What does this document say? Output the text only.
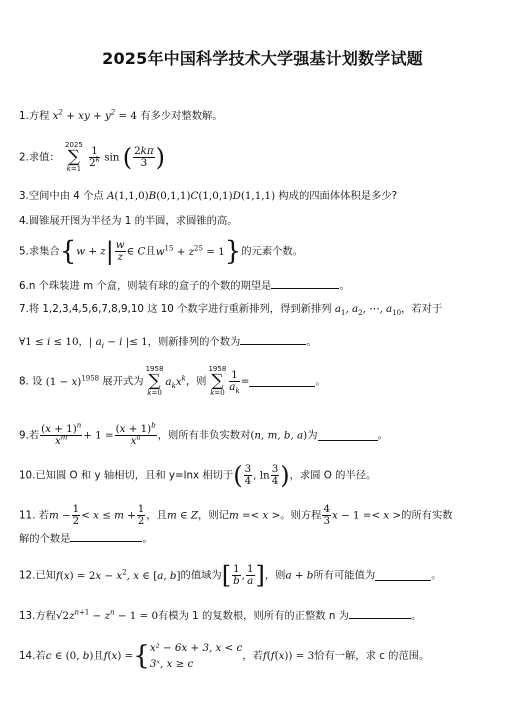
2025年中国科学技术大学强基计划数学试题
1.方程 $x^2$ + xy + $y^2 = 4$ 有多少对整数解。
2.求值：
2025
∑
k=1
$\frac{1}{2^k}$ sin ( $\frac{2k\pi}{3}$ )
3.空间中由 4 个点 A(1,1,0)B(0,1,1)C(1,0,1)D(1,1,1) 构成的四面体体积是多少?
4.圆锥展开图为半径为 1 的半圆，求圆锥的高。
5.求集合{$w + z| \frac{w}{z}$ ∈ C且$w^{15} + z^{25} = 1$}的元素个数。
6.n 个珠装进 m 个盒，则装有球的盒子的个数的期望是	。
7.将 1,2,3,4,5,6,7,8,9,10 这 10 个数字进行重新排列，得到新排列 $a_1$, $a_2$, ⋯, $a_{10}$，若对于
∀1 ≤ i ≤ 10，| $a_i - i$ |≤ 1，则新排列的个数为	。
8. 设 $(1 - x)^{1958}$ 展开式为
1958
∑
k=0
$a_kx^k$，则
1958
∑
$k=0 \frac{1}{a_k}$ =	。
9.若 $\frac{(x + 1)^n}{x^m} + 1 = \frac{(x + 1)^b}{x^a}$ ，则所有非负实数对(n, m, b, a)为	。
10.已知圆 O 和 y 轴相切，且和 y=lnx 相切于( $\frac{3}{4}$ , $\ln \frac{3}{4}$ )，求圆 O 的半径。
11. 若$m - \frac{1}{2} < x \le m + \frac{1}{2}$ ，且m ∈ Z，则记m =< x >。则方程 $\frac{4}{3}$ x − 1 =< x >的所有实数
解的个数是	。
12.已知$f(x) = 2x - x^2$, x ∈ [a, b]的值域为[ $\frac{1}{b}$ , $\frac{1}{a}$ ]，则a + b所有可能值为	。
13.方程$√2z^{n+1} - z^n - 1 = 0$有模为 1 的复数根，则所有的正整数 n 为	。
14.若c ∈ (0, b)且f(x) ={ x² − 6x + 3, x < c
3ˣ, x ≥ c
，若f(f(x)) = 3恰有一解，求 c 的范围。
